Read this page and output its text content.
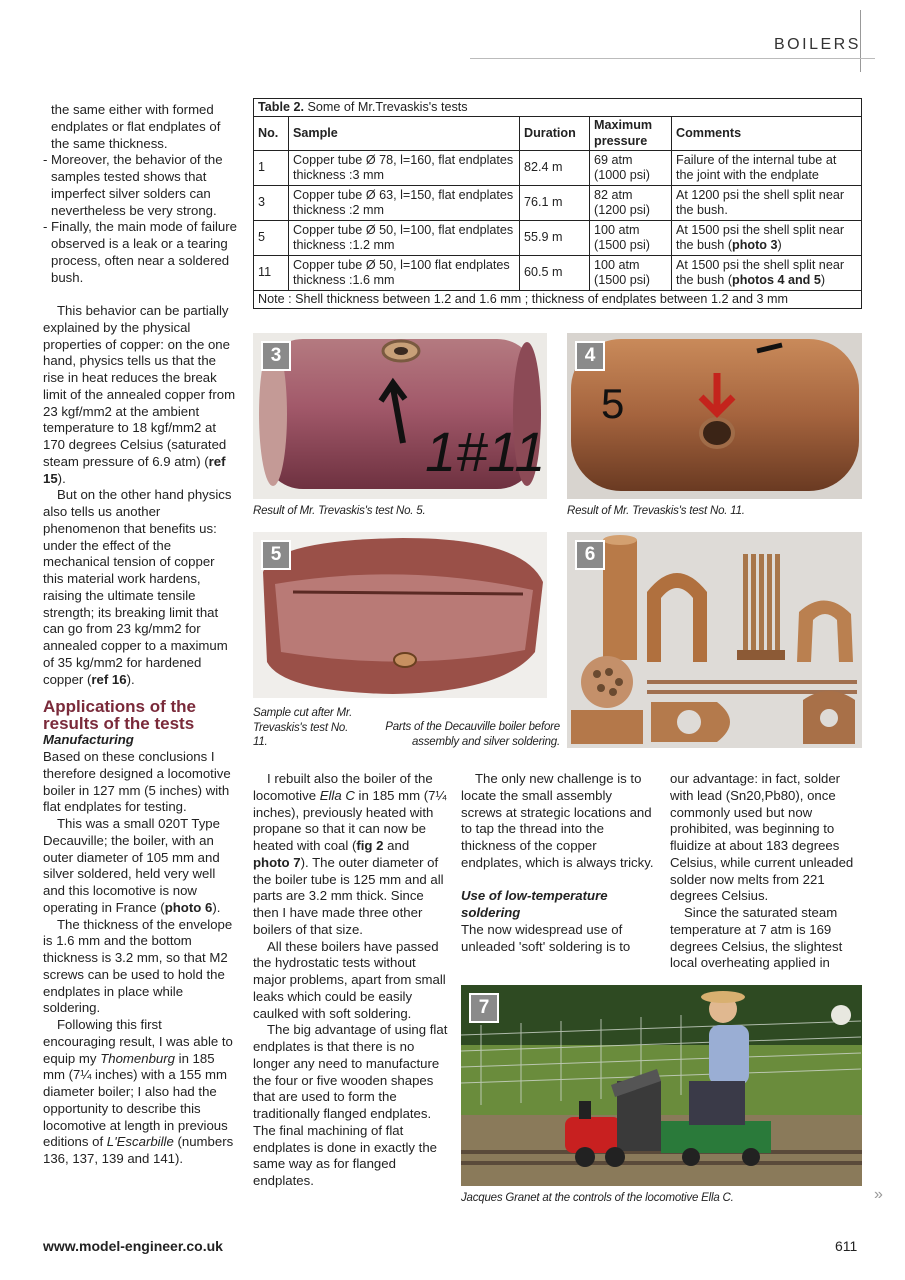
BOILERS

the same either with formed endplates or flat endplates of the same thickness.

- Moreover, the behavior of the samples tested shows that imperfect silver solders can nevertheless be very strong.

- Finally, the main mode of failure observed is a leak or a tearing process, often near a soldered bush.

This behavior can be partially explained by the physical properties of copper: on the one hand, physics tells us that the rise in heat reduces the break limit of the annealed copper from 23 kgf/mm2 at the ambient temperature to 18 kgf/mm2 at 170 degrees Celsius (saturated steam pressure of 6.9 atm) (ref 15).

But on the other hand physics also tells us another phenomenon that benefits us: under the effect of the mechanical tension of copper this material work hardens, raising the ultimate tensile strength; its breaking limit that can go from 23 kg/mm2 for annealed copper to a maximum of 35 kg/mm2 for hardened copper (ref 16).

Applications of the results of the tests

Manufacturing

Based on these conclusions I therefore designed a locomotive boiler in 127 mm (5 inches) with flat endplates for testing.

This was a small 020T Type Decauville; the boiler, with an outer diameter of 105 mm and silver soldered, held very well and this locomotive is now operating in France (photo 6).

The thickness of the envelope is 1.6 mm and the bottom thickness is 3.2 mm, so that M2 screws can be used to hold the endplates in place while soldering.

Following this first encouraging result, I was able to equip my Thomenburg in 185 mm (7¼ inches) with a 155 mm diameter boiler; I also had the opportunity to describe this locomotive at length in previous editions of L'Escarbille (numbers 136, 137, 139 and 141).

Table 2. Some of Mr.Trevaskis's tests				
No.	Sample	Duration	Maximum pressure	Comments
1	Copper tube Ø 78, l=160, flat endplates thickness :3 mm	82.4 m	69 atm (1000 psi)	Failure of the internal tube at the joint with the endplate
3	Copper tube Ø 63, l=150, flat endplates thickness :2 mm	76.1 m	82 atm (1200 psi)	At 1200 psi the shell split near the bush.
5	Copper tube Ø 50, l=100, flat endplates thickness :1.2 mm	55.9 m	100 atm (1500 psi)	At 1500 psi the shell split near the bush (photo 3)
11	Copper tube Ø 50, l=100 flat endplates thickness :1.6 mm	60.5 m	100 atm (1500 psi)	At 1500 psi the shell split near the bush (photos 4 and 5)
Note : Shell thickness between 1.2 and 1.6 mm ; thickness of endplates between 1.2 and 3 mm				
1#11
3
Result of Mr. Trevaskis's test No. 5.
5
4
Result of Mr. Trevaskis's test No. 11.
5
Sample cut after Mr. Trevaskis's test No. 11.
6
Parts of the Decauville boiler before assembly and silver soldering.

I rebuilt also the boiler of the locomotive Ella C in 185 mm (7¼ inches), previously heated with propane so that it can now be heated with coal (fig 2 and photo 7). The outer diameter of the boiler tube is 125 mm and all parts are 3.2 mm thick. Since then I have made three other boilers of that size.

All these boilers have passed the hydrostatic tests without major problems, apart from small leaks which could be easily caulked with soft soldering.

The big advantage of using flat endplates is that there is no longer any need to manufacture the four or five wooden shapes that are used to form the traditionally flanged endplates. The final machining of flat endplates is done in exactly the same way as for flanged endplates.

The only new challenge is to locate the small assembly screws at strategic locations and to tap the thread into the thickness of the copper endplates, which is always tricky.

Use of low-temperature soldering

The now widespread use of unleaded 'soft' soldering is to

our advantage: in fact, solder with lead (Sn20,Pb80), once commonly used but now prohibited, was beginning to fluidize at about 183 degrees Celsius, while current unleaded solder now melts from 221 degrees Celsius.

Since the saturated steam temperature at 7 atm is 169 degrees Celsius, the slightest local overheating applied in

7
Jacques Granet at the controls of the locomotive Ella C.	»
www.model-engineer.co.uk	611
